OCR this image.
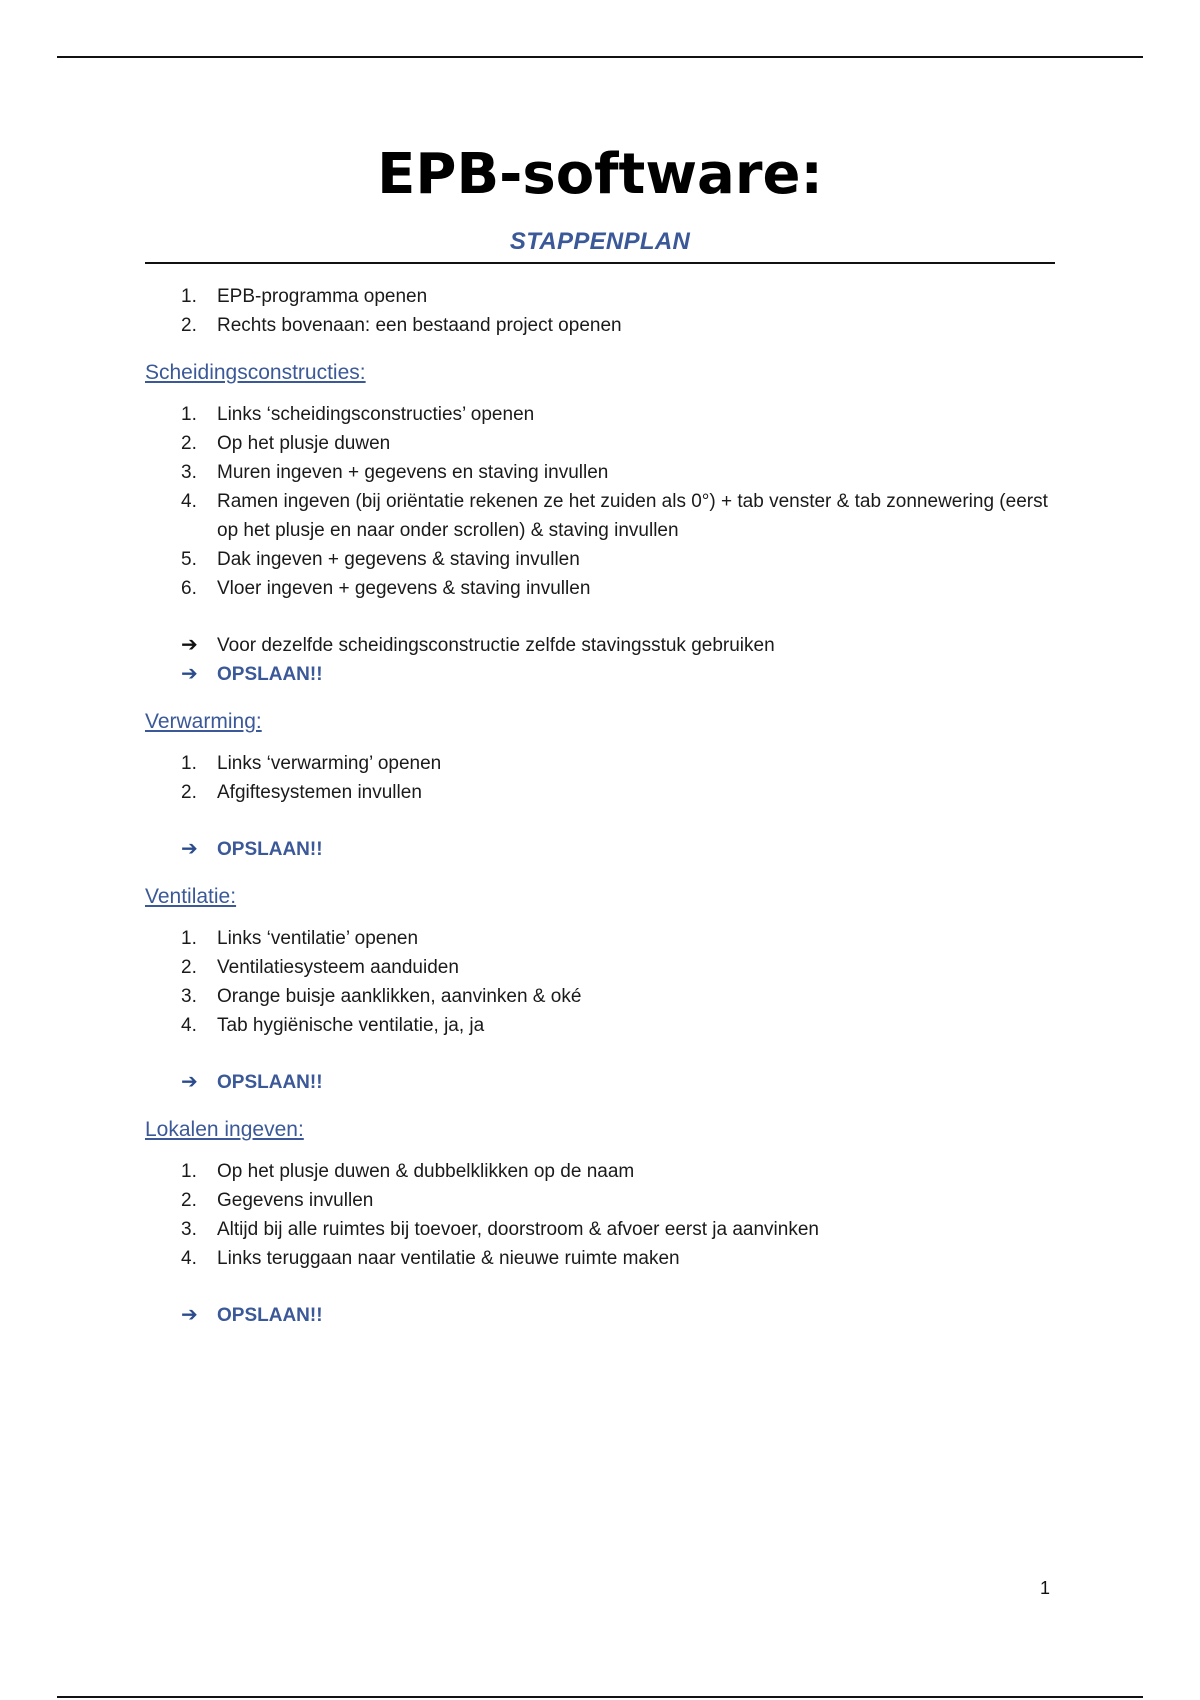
EPB-software:
STAPPENPLAN
1.	EPB-programma openen
2.	Rechts bovenaan: een bestaand project openen
Scheidingsconstructies:
1.	Links ‘scheidingsconstructies’ openen
2.	Op het plusje duwen
3.	Muren ingeven + gegevens en staving invullen
4.	Ramen ingeven (bij oriëntatie rekenen ze het zuiden als 0°) + tab venster & tab zonnewering (eerst op het plusje en naar onder scrollen) & staving invullen
5.	Dak ingeven + gegevens & staving invullen
6.	Vloer ingeven + gegevens & staving invullen
➔ Voor dezelfde scheidingsconstructie zelfde stavingsstuk gebruiken
➔ OPSLAAN!!
Verwarming:
1.	Links ‘verwarming’ openen
2.	Afgiftesystemen invullen
➔ OPSLAAN!!
Ventilatie:
1.	Links ‘ventilatie’ openen
2.	Ventilatiesysteem aanduiden
3.	Orange buisje aanklikken, aanvinken & oké
4.	Tab hygiënische ventilatie, ja, ja
➔ OPSLAAN!!
Lokalen ingeven:
1.	Op het plusje duwen & dubbelklikken op de naam
2.	Gegevens invullen
3.	Altijd bij alle ruimtes bij toevoer, doorstroom & afvoer eerst ja aanvinken
4.	Links teruggaan naar ventilatie & nieuwe ruimte maken
➔ OPSLAAN!!
1
